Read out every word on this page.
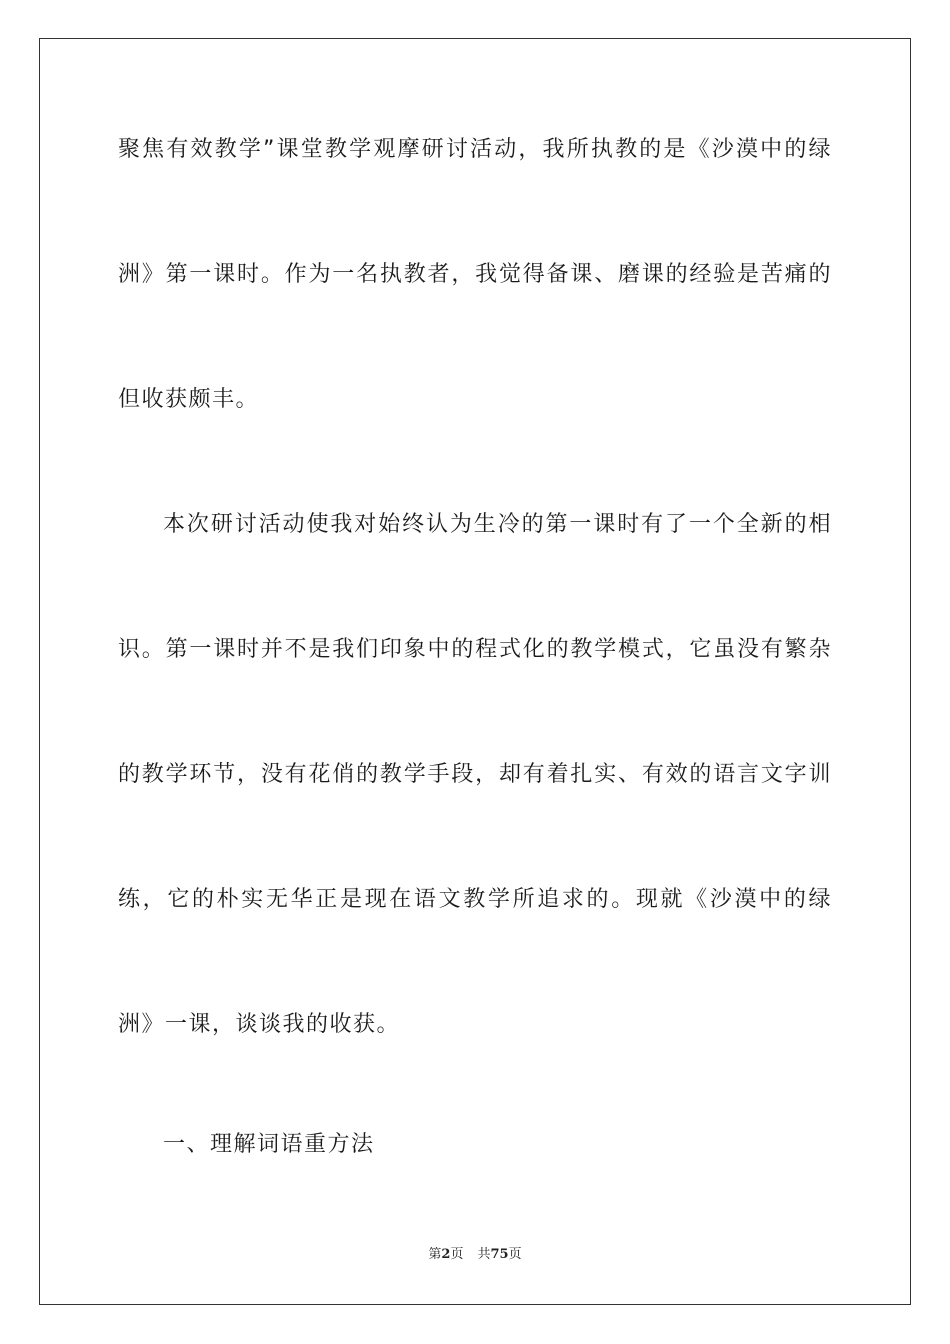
聚焦有效教学”课堂教学观摩研讨活动，我所执教的是《沙漠中的绿
洲》第一课时。作为一名执教者，我觉得备课、磨课的经验是苦痛的
但收获颇丰。
本次研讨活动使我对始终认为生冷的第一课时有了一个全新的相
识。第一课时并不是我们印象中的程式化的教学模式，它虽没有繁杂
的教学环节，没有花俏的教学手段，却有着扎实、有效的语言文字训
练，它的朴实无华正是现在语文教学所追求的。现就《沙漠中的绿
洲》一课，谈谈我的收获。
一、理解词语重方法
第2页 共75页
